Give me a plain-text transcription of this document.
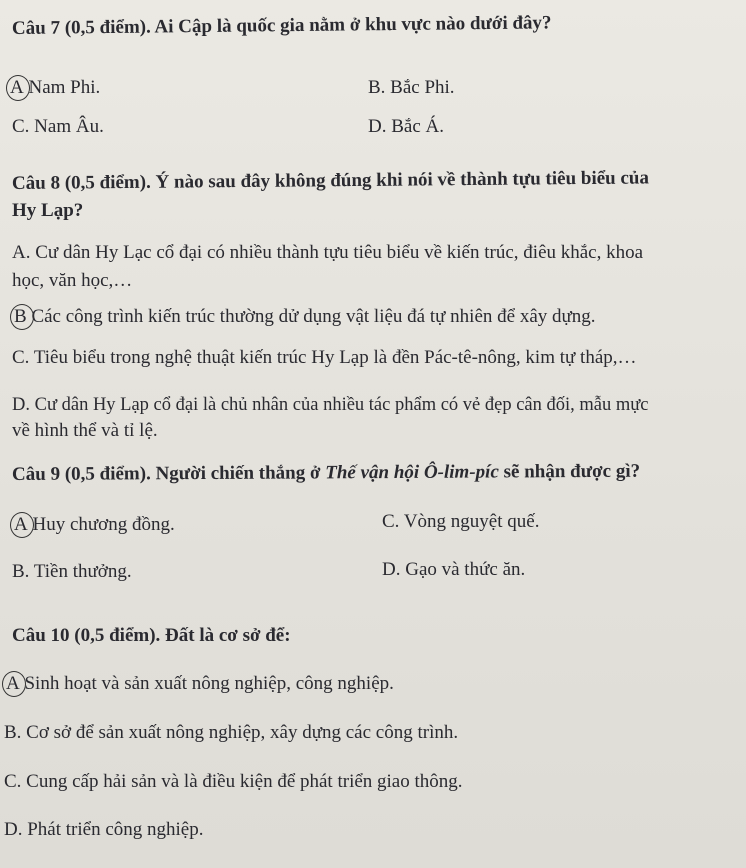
Câu 7 (0,5 điểm). Ai Cập là quốc gia nằm ở khu vực nào dưới đây?
A Nam Phi.	B. Bắc Phi.
C. Nam Âu.	D. Bắc Á.
Câu 8 (0,5 điểm). Ý nào sau đây không đúng khi nói về thành tựu tiêu biểu của
Hy Lạp?
A. Cư dân Hy Lạc cổ đại có nhiều thành tựu tiêu biểu về kiến trúc, điêu khắc, khoa
học, văn học,…
B Các công trình kiến trúc thường dử dụng vật liệu đá tự nhiên để xây dựng.
C. Tiêu biểu trong nghệ thuật kiến trúc Hy Lạp là đền Pác-tê-nông, kim tự tháp,…
D. Cư dân Hy Lạp cổ đại là chủ nhân của nhiều tác phẩm có vẻ đẹp cân đối, mẫu mực
về hình thể và tỉ lệ.
Câu 9 (0,5 điểm). Người chiến thắng ở Thế vận hội Ô-lim-píc sẽ nhận được gì?
A Huy chương đồng.	C. Vòng nguyệt quế.
B. Tiền thưởng.	D. Gạo và thức ăn.
Câu 10 (0,5 điểm). Đất là cơ sở để:
A Sinh hoạt và sản xuất nông nghiệp, công nghiệp.
B. Cơ sở để sản xuất nông nghiệp, xây dựng các công trình.
C. Cung cấp hải sản và là điều kiện để phát triển giao thông.
D. Phát triển công nghiệp.
